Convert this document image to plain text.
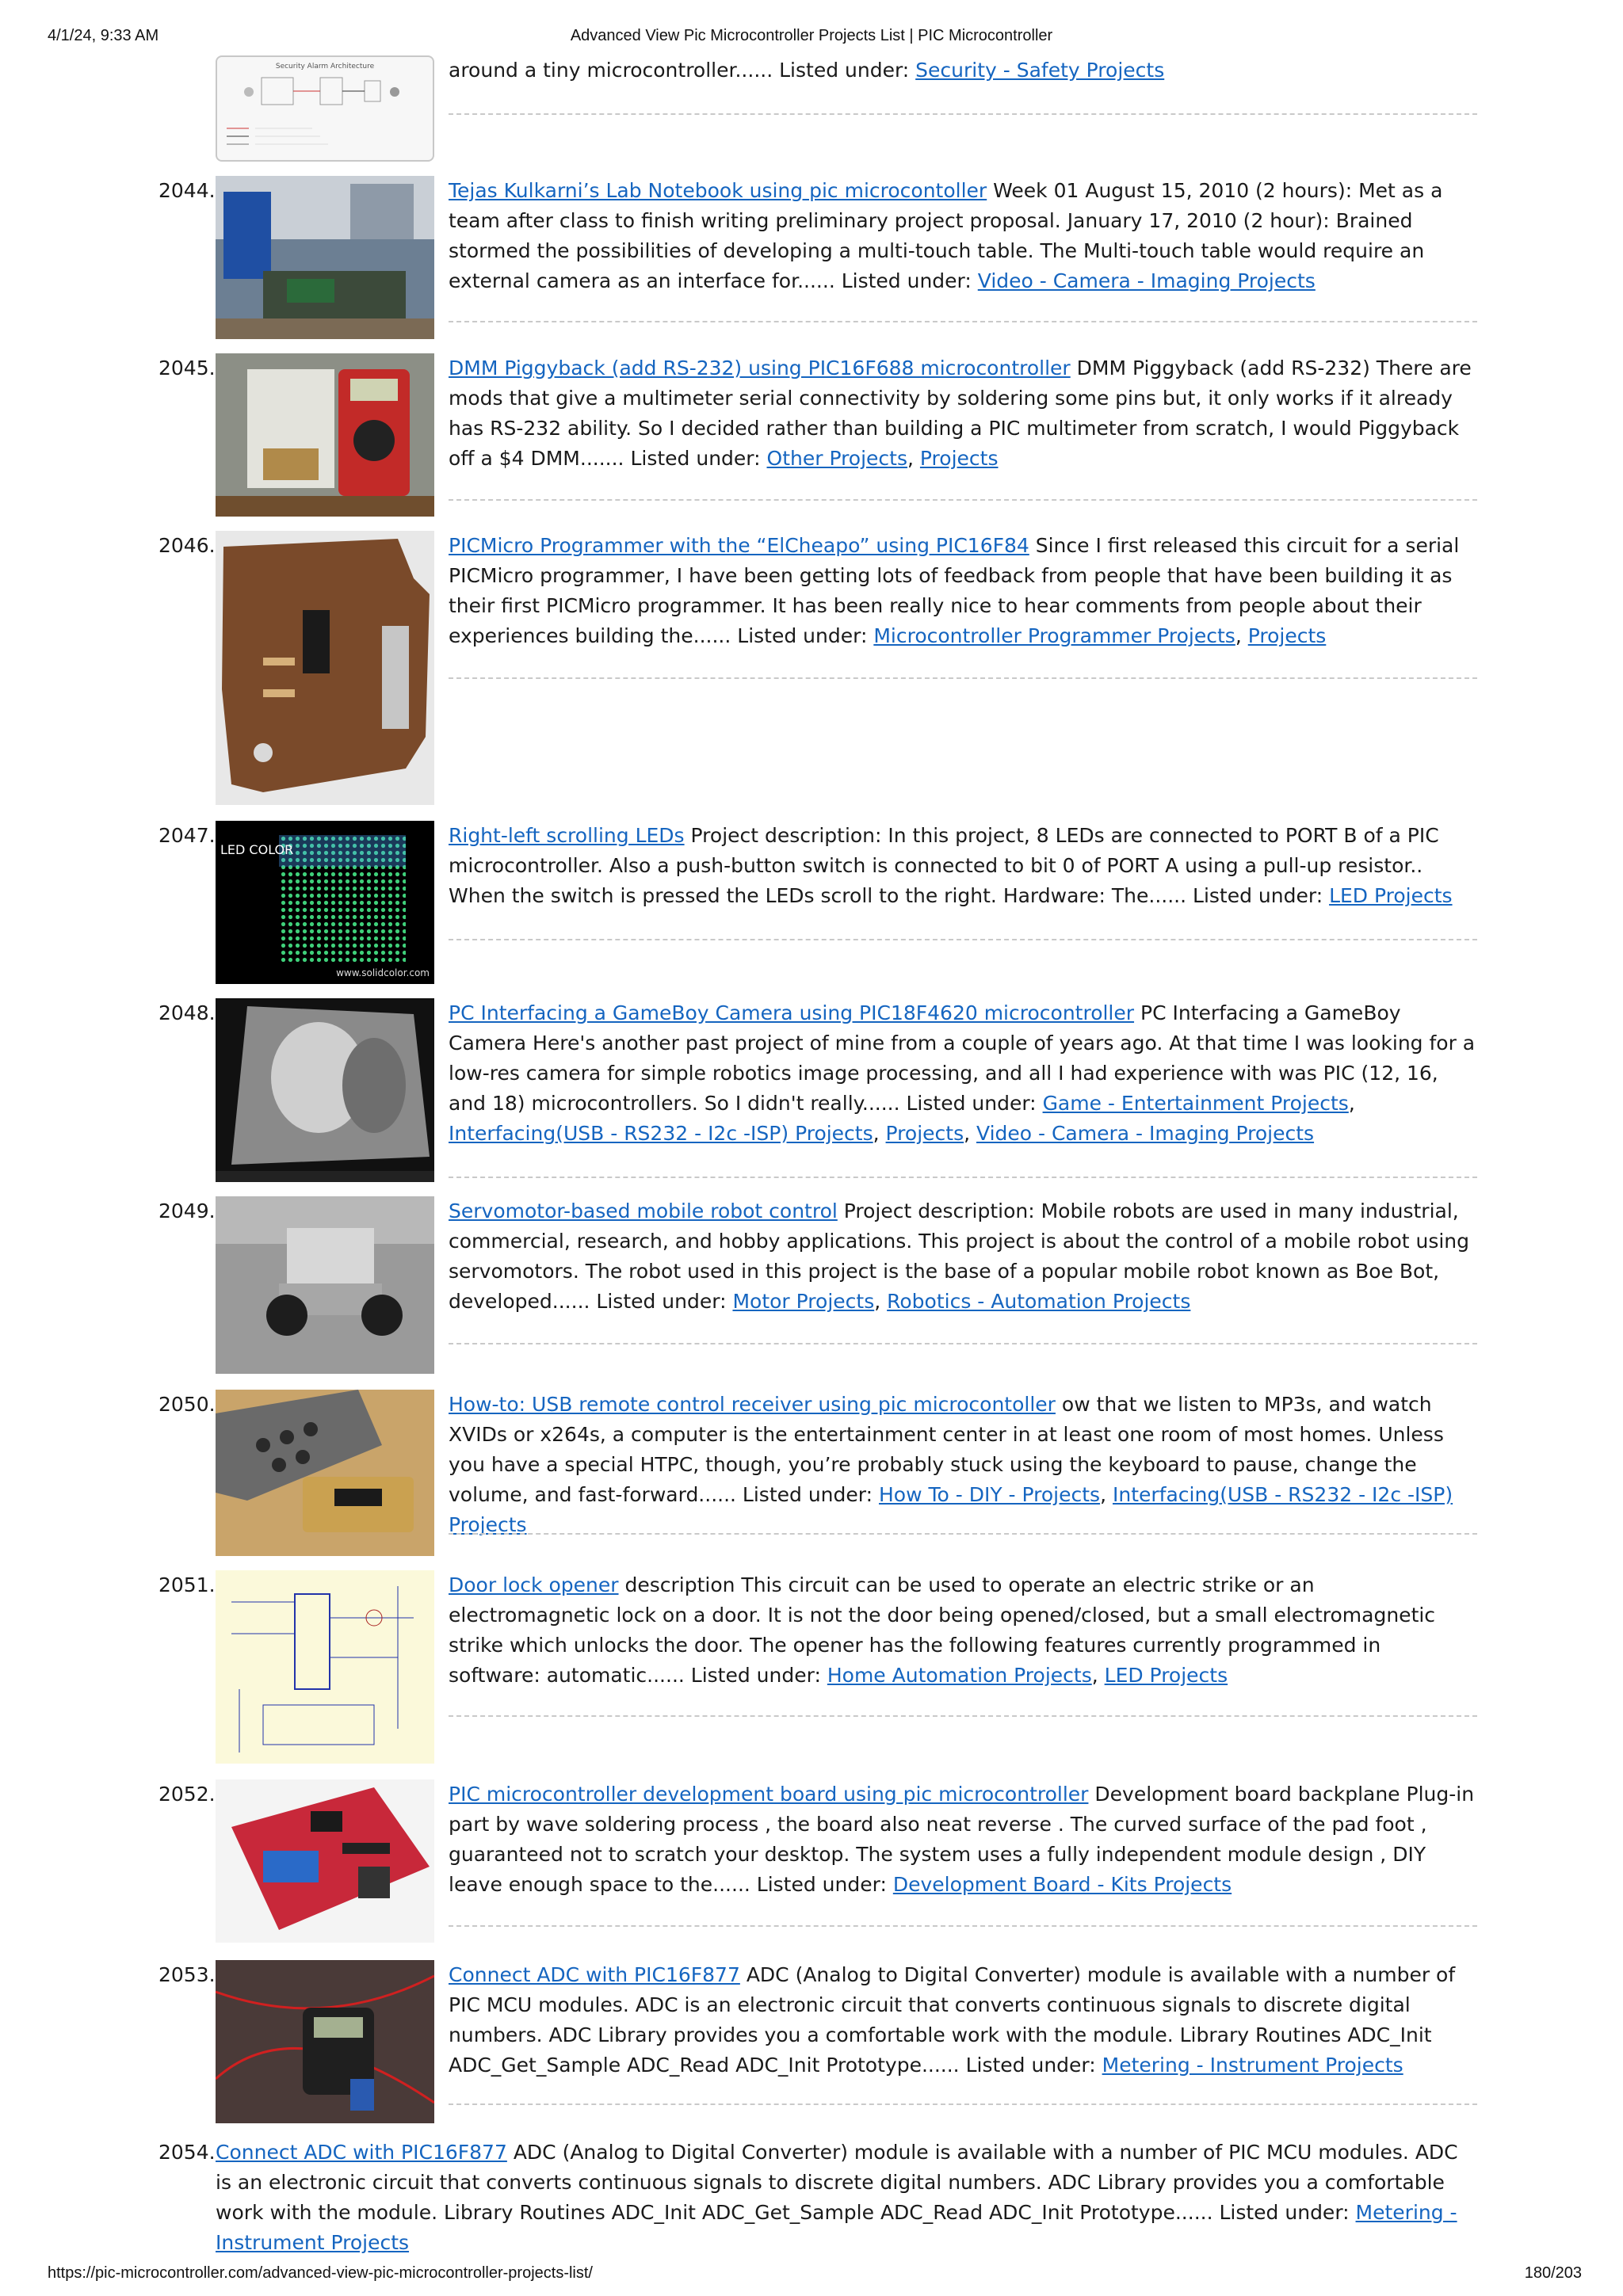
4/1/24, 9:33 AM	Advanced View Pic Microcontroller Projects List | PIC Microcontroller
Security Alarm Architecture	around a tiny microcontroller...... Listed under: Security - Safety Projects
2044.	Tejas Kulkarni’s Lab Notebook using pic microcontoller Week 01 August 15, 2010 (2 hours): Met as a team after class to finish writing preliminary project proposal. January 17, 2010 (2 hour): Brained stormed the possibilities of developing a multi-touch table. The Multi-touch table would require an external camera as an interface for...... Listed under: Video - Camera - Imaging Projects
2045.	DMM Piggyback (add RS-232) using PIC16F688 microcontroller DMM Piggyback (add RS-232) There are mods that give a multimeter serial connectivity by soldering some pins but, it only works if it already has RS-232 ability. So I decided rather than building a PIC multimeter from scratch, I would Piggyback off a $4 DMM....... Listed under: Other Projects, Projects
2046.	PICMicro Programmer with the “ElCheapo” using PIC16F84 Since I first released this circuit for a serial PICMicro programmer, I have been getting lots of feedback from people that have been building it as their first PICMicro programmer. It has been really nice to hear comments from people about their experiences building the...... Listed under: Microcontroller Programmer Projects, Projects
2047.
LED COLOR
www.solidcolor.com
Right-left scrolling LEDs Project description: In this project, 8 LEDs are connected to PORT B of a PIC microcontroller. Also a push-button switch is connected to bit 0 of PORT A using a pull-up resistor.. When the switch is pressed the LEDs scroll to the right. Hardware: The...... Listed under: LED Projects
2048.	PC Interfacing a GameBoy Camera using PIC18F4620 microcontroller PC Interfacing a GameBoy Camera Here's another past project of mine from a couple of years ago. At that time I was looking for a low-res camera for simple robotics image processing, and all I had experience with was PIC (12, 16, and 18) microcontrollers. So I didn't really...... Listed under: Game - Entertainment Projects, Interfacing(USB - RS232 - I2c -ISP) Projects, Projects, Video - Camera - Imaging Projects
2049.	Servomotor-based mobile robot control Project description: Mobile robots are used in many industrial, commercial, research, and hobby applications. This project is about the control of a mobile robot using servomotors. The robot used in this project is the base of a popular mobile robot known as Boe Bot, developed...... Listed under: Motor Projects, Robotics - Automation Projects
2050.	How-to: USB remote control receiver using pic microcontoller ow that we listen to MP3s, and watch XVIDs or x264s, a computer is the entertainment center in at least one room of most homes. Unless you have a special HTPC, though, you’re probably stuck using the keyboard to pause, change the volume, and fast-forward...... Listed under: How To - DIY - Projects, Interfacing(USB - RS232 - I2c -ISP) Projects
2051.	Door lock opener description This circuit can be used to operate an electric strike or an electromagnetic lock on a door. It is not the door being opened/closed, but a small electromagnetic strike which unlocks the door. The opener has the following features currently programmed in software: automatic...... Listed under: Home Automation Projects, LED Projects
2052.	PIC microcontroller development board using pic microcontroller Development board backplane Plug-in part by wave soldering process , the board also neat reverse . The curved surface of the pad foot , guaranteed not to scratch your desktop. The system uses a fully independent module design , DIY leave enough space to the...... Listed under: Development Board - Kits Projects
2053.	Connect ADC with PIC16F877 ADC (Analog to Digital Converter) module is available with a number of PIC MCU modules. ADC is an electronic circuit that converts continuous signals to discrete digital numbers. ADC Library provides you a comfortable work with the module. Library Routines ADC_Init ADC_Get_Sample ADC_Read ADC_Init Prototype...... Listed under: Metering - Instrument Projects
2054. Connect ADC with PIC16F877 ADC (Analog to Digital Converter) module is available with a number of PIC MCU modules. ADC is an electronic circuit that converts continuous signals to discrete digital numbers. ADC Library provides you a comfortable work with the module. Library Routines ADC_Init ADC_Get_Sample ADC_Read ADC_Init Prototype...... Listed under: Metering - Instrument Projects
https://pic-microcontroller.com/advanced-view-pic-microcontroller-projects-list/	180/203
